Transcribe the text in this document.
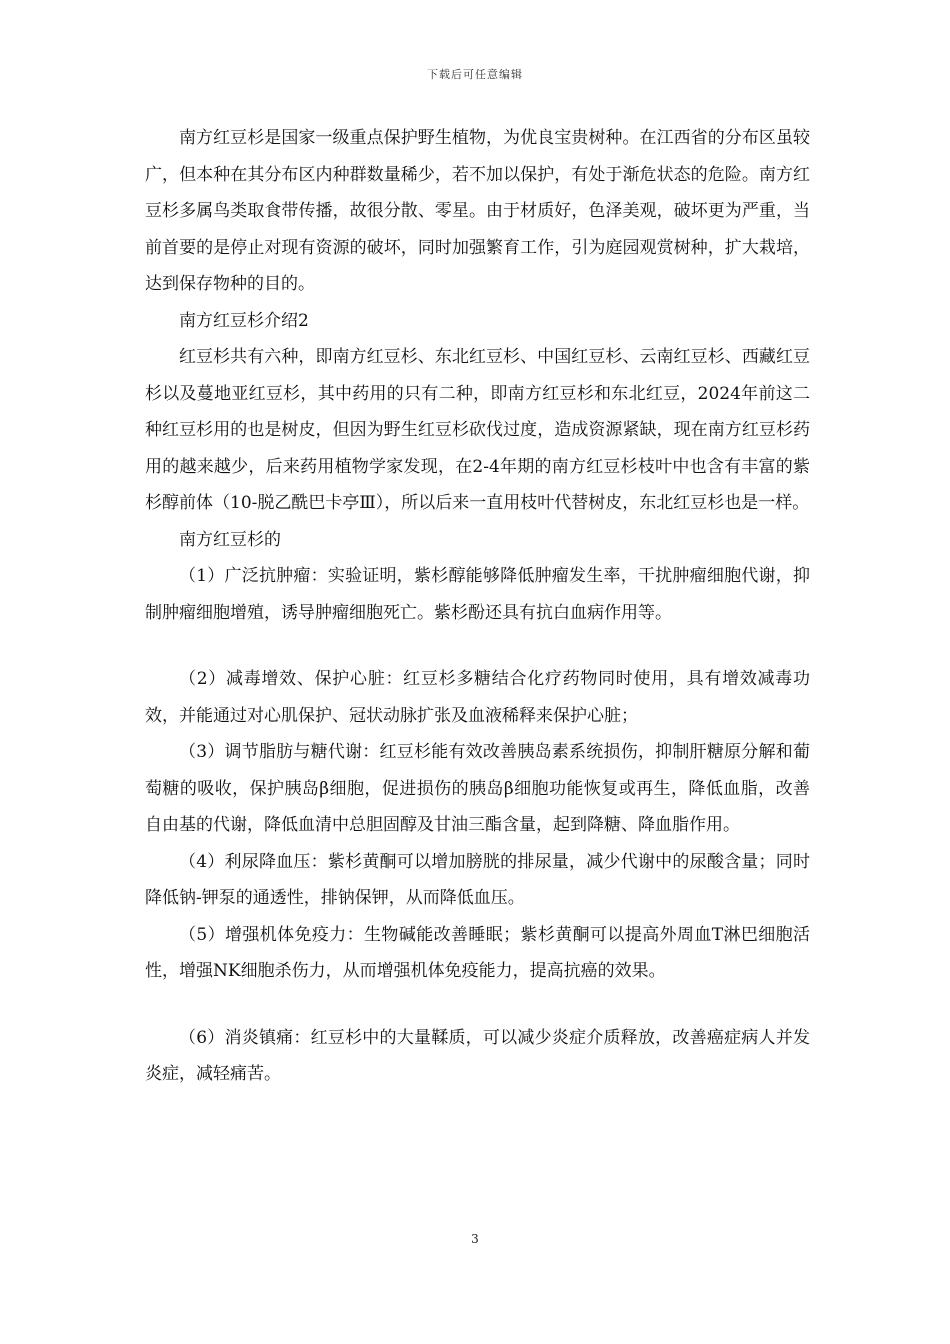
下载后可任意编辑

南方红豆杉是国家一级重点保护野生植物，为优良宝贵树种。在江西省的分布区虽较广，但本种在其分布区内种群数量稀少，若不加以保护，有处于渐危状态的危险。南方红豆杉多属鸟类取食带传播，故很分散、零星。由于材质好，色泽美观，破坏更为严重，当前首要的是停止对现有资源的破坏，同时加强繁育工作，引为庭园观赏树种，扩大栽培，达到保存物种的目的。

南方红豆杉介绍2

红豆杉共有六种，即南方红豆杉、东北红豆杉、中国红豆杉、云南红豆杉、西藏红豆杉以及蔓地亚红豆杉，其中药用的只有二种，即南方红豆杉和东北红豆，2024年前这二种红豆杉用的也是树皮，但因为野生红豆杉砍伐过度，造成资源紧缺，现在南方红豆杉药用的越来越少，后来药用植物学家发现，在2-4年期的南方红豆杉枝叶中也含有丰富的紫杉醇前体（10-脱乙酰巴卡亭Ⅲ），所以后来一直用枝叶代替树皮，东北红豆杉也是一样。

南方红豆杉的

（1）广泛抗肿瘤：实验证明，紫杉醇能够降低肿瘤发生率，干扰肿瘤细胞代谢，抑制肿瘤细胞增殖，诱导肿瘤细胞死亡。紫杉酚还具有抗白血病作用等。

（2）减毒增效、保护心脏：红豆杉多糖结合化疗药物同时使用，具有增效减毒功效，并能通过对心肌保护、冠状动脉扩张及血液稀释来保护心脏；

（3）调节脂肪与糖代谢：红豆杉能有效改善胰岛素系统损伤，抑制肝糖原分解和葡萄糖的吸收，保护胰岛β细胞，促进损伤的胰岛β细胞功能恢复或再生，降低血脂，改善自由基的代谢，降低血清中总胆固醇及甘油三酯含量，起到降糖、降血脂作用。

（4）利尿降血压：紫杉黄酮可以增加膀胱的排尿量，减少代谢中的尿酸含量；同时降低钠-钾泵的通透性，排钠保钾，从而降低血压。

（5）增强机体免疫力：生物碱能改善睡眠；紫杉黄酮可以提高外周血T淋巴细胞活性，增强NK细胞杀伤力，从而增强机体免疫能力，提高抗癌的效果。

（6）消炎镇痛：红豆杉中的大量鞣质，可以减少炎症介质释放，改善癌症病人并发炎症，减轻痛苦。

3
